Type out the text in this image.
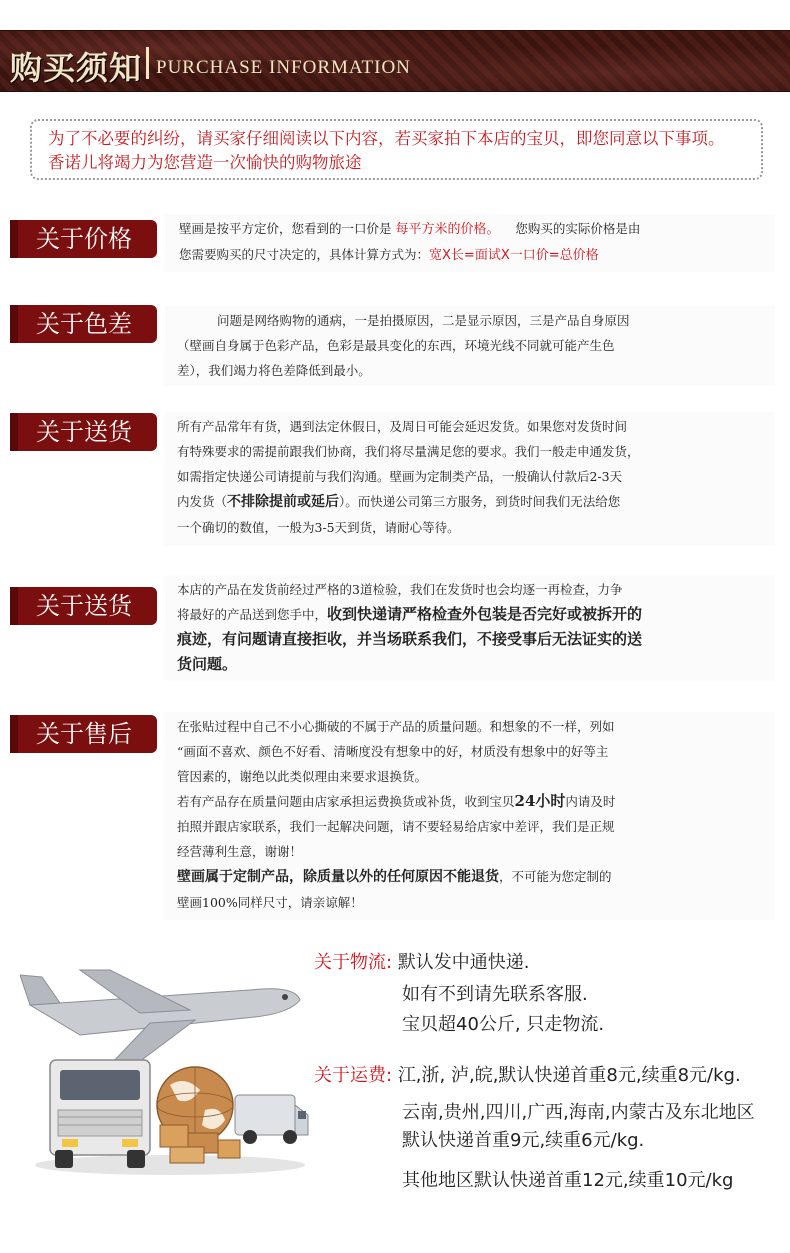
购买须知 PURCHASE INFORMATION
为了不必要的纠纷，请买家仔细阅读以下内容，若买家拍下本店的宝贝，即您同意以下事项。
香诺儿将竭力为您营造一次愉快的购物旅途
关于价格	壁画是按平方定价，您看到的一口价是 每平方米的价格。 您购买的实际价格是由
您需要购买的尺寸决定的，具体计算方式为：宽X长=面试X一口价=总价格
关于色差	问题是网络购物的通病，一是拍摄原因，二是显示原因，三是产品自身原因
（壁画自身属于色彩产品，色彩是最具变化的东西，环境光线不同就可能产生色
差），我们竭力将色差降低到最小。
关于送货	所有产品常年有货，遇到法定休假日，及周日可能会延迟发货。如果您对发货时间
有特殊要求的需提前跟我们协商，我们将尽量满足您的要求。我们一般走申通发货，
如需指定快递公司请提前与我们沟通。壁画为定制类产品，一般确认付款后2-3天
内发货（不排除提前或延后）。而快递公司第三方服务，到货时间我们无法给您
一个确切的数值，一般为3-5天到货，请耐心等待。
关于送货
本店的产品在发货前经过严格的3道检验，我们在发货时也会均逐一再检查，力争
将最好的产品送到您手中，收到快递请严格检查外包装是否完好或被拆开的
痕迹，有问题请直接拒收，并当场联系我们，不接受事后无法证实的送
货问题。
关于售后	在张贴过程中自己不小心撕破的不属于产品的质量问题。和想象的不一样，列如
“画面不喜欢、颜色不好看、清晰度没有想象中的好，材质没有想象中的好等主
管因素的，谢绝以此类似理由来要求退换货。
若有产品存在质量问题由店家承担运费换货或补货，收到宝贝24小时内请及时
拍照并跟店家联系，我们一起解决问题，请不要轻易给店家中差评，我们是正规
经营薄利生意，谢谢！
壁画属于定制产品，除质量以外的任何原因不能退货，不可能为您定制的
壁画100%同样尺寸，请亲谅解！
关于物流: 默认发中通快递.
如有不到请先联系客服.
宝贝超40公斤, 只走物流.
关于运费: 江,浙, 泸,皖,默认快递首重8元,续重8元/kg.
云南,贵州,四川,广西,海南,内蒙古及东北地区
默认快递首重9元,续重6元/kg.
其他地区默认快递首重12元,续重10元/kg
